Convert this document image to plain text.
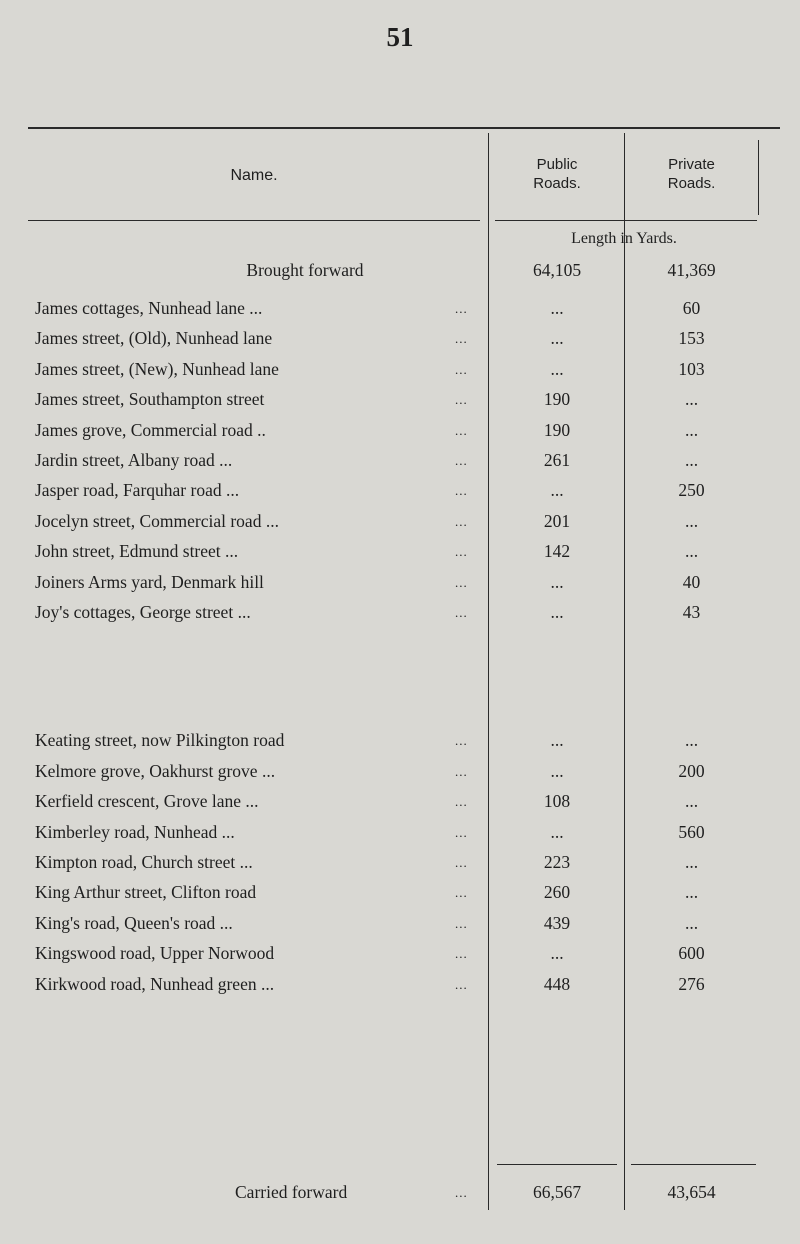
51
Name.
Public
Roads.
Private
Roads.
Length in Yards.
Brought forward	64,105	41,369
James cottages, Nunhead lane ...	...	...	60
James street, (Old), Nunhead lane	...	...	153
James street, (New), Nunhead lane	...	...	103
James street, Southampton street	...	190	...
James grove, Commercial road ..	...	190	...
Jardin street, Albany road ...	...	261	...
Jasper road, Farquhar road ...	...	...	250
Jocelyn street, Commercial road ...	...	201	...
John street, Edmund street ...	...	142	...
Joiners Arms yard, Denmark hill	...	...	40
Joy's cottages, George street ...	...	...	43
Keating street, now Pilkington road	...	...	...
Kelmore grove, Oakhurst grove ...	...	...	200
Kerfield crescent, Grove lane ...	...	108	...
Kimberley road, Nunhead ...	...	...	560
Kimpton road, Church street ...	...	223	...
King Arthur street, Clifton road	...	260	...
King's road, Queen's road ...	...	439	...
Kingswood road, Upper Norwood	...	...	600
Kirkwood road, Nunhead green ...	...	448	276
Carried forward	...	66,567	43,654
